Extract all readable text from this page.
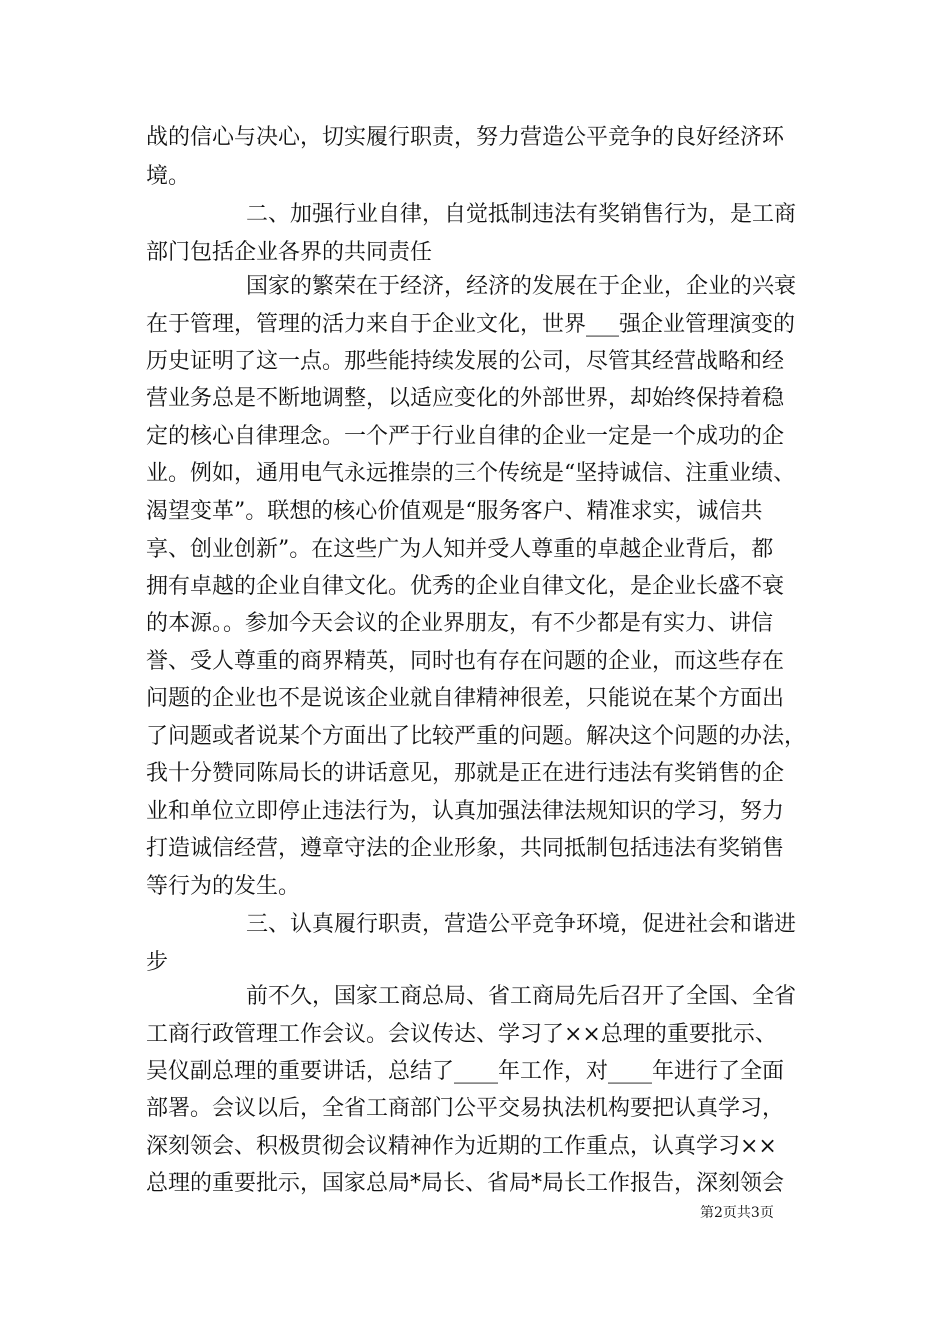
战的信心与决心，切实履行职责，努力营造公平竞争的良好经济环
境。
二、加强行业自律，自觉抵制违法有奖销售行为，是工商
部门包括企业各界的共同责任
国家的繁荣在于经济，经济的发展在于企业，企业的兴衰
在于管理，管理的活力来自于企业文化，世界___强企业管理演变的
历史证明了这一点。那些能持续发展的公司，尽管其经营战略和经
营业务总是不断地调整，以适应变化的外部世界，却始终保持着稳
定的核心自律理念。一个严于行业自律的企业一定是一个成功的企
业。例如，通用电气永远推崇的三个传统是“坚持诚信、注重业绩、
渴望变革”。联想的核心价值观是“服务客户、精准求实，诚信共
享、创业创新”。在这些广为人知并受人尊重的卓越企业背后，都
拥有卓越的企业自律文化。优秀的企业自律文化，是企业长盛不衰
的本源。。参加今天会议的企业界朋友，有不少都是有实力、讲信
誉、受人尊重的商界精英，同时也有存在问题的企业，而这些存在
问题的企业也不是说该企业就自律精神很差，只能说在某个方面出
了问题或者说某个方面出了比较严重的问题。解决这个问题的办法，
我十分赞同陈局长的讲话意见，那就是正在进行违法有奖销售的企
业和单位立即停止违法行为，认真加强法律法规知识的学习，努力
打造诚信经营，遵章守法的企业形象，共同抵制包括违法有奖销售
等行为的发生。
三、认真履行职责，营造公平竞争环境，促进社会和谐进
步
前不久，国家工商总局、省工商局先后召开了全国、全省
工商行政管理工作会议。会议传达、学习了××总理的重要批示、
吴仪副总理的重要讲话，总结了____年工作，对____年进行了全面
部署。会议以后，全省工商部门公平交易执法机构要把认真学习，
深刻领会、积极贯彻会议精神作为近期的工作重点，认真学习××
总理的重要批示，国家总局*局长、省局*局长工作报告，深刻领会
第2页共3页
